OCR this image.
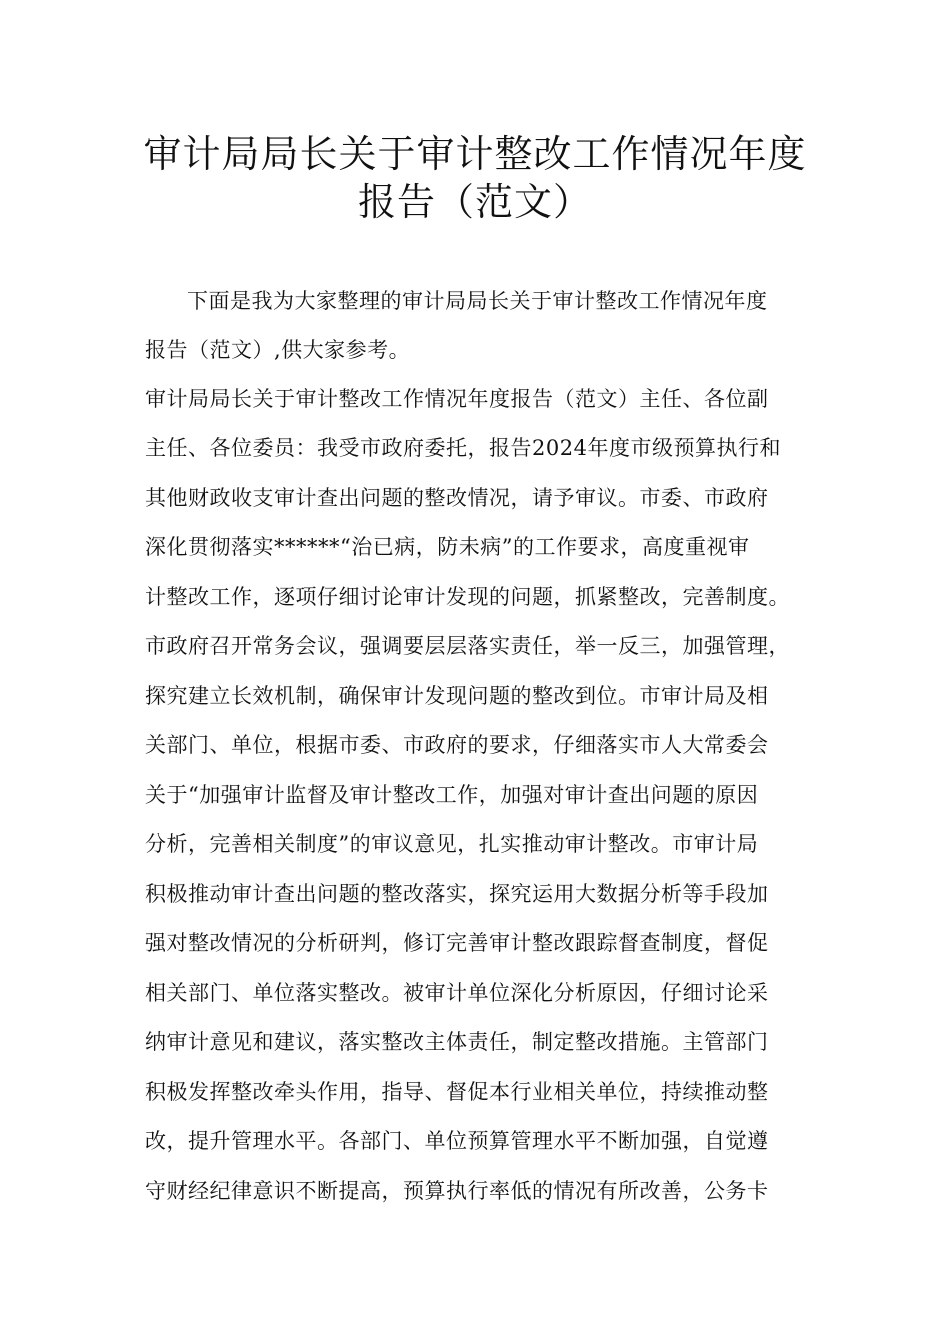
审计局局长关于审计整改工作情况年度
报告（范文）
下面是我为大家整理的审计局局长关于审计整改工作情况年度
报告（范文）,供大家参考。
审计局局长关于审计整改工作情况年度报告（范文）主任、各位副
主任、各位委员：我受市政府委托，报告2024年度市级预算执行和
其他财政收支审计查出问题的整改情况，请予审议。市委、市政府
深化贯彻落实******“治已病，防未病”的工作要求，高度重视审
计整改工作，逐项仔细讨论审计发现的问题，抓紧整改，完善制度。
市政府召开常务会议，强调要层层落实责任，举一反三，加强管理，
探究建立长效机制，确保审计发现问题的整改到位。市审计局及相
关部门、单位，根据市委、市政府的要求，仔细落实市人大常委会
关于“加强审计监督及审计整改工作，加强对审计查出问题的原因
分析，完善相关制度”的审议意见，扎实推动审计整改。市审计局
积极推动审计查出问题的整改落实，探究运用大数据分析等手段加
强对整改情况的分析研判，修订完善审计整改跟踪督查制度，督促
相关部门、单位落实整改。被审计单位深化分析原因，仔细讨论采
纳审计意见和建议，落实整改主体责任，制定整改措施。主管部门
积极发挥整改牵头作用，指导、督促本行业相关单位，持续推动整
改，提升管理水平。各部门、单位预算管理水平不断加强，自觉遵
守财经纪律意识不断提高，预算执行率低的情况有所改善，公务卡
